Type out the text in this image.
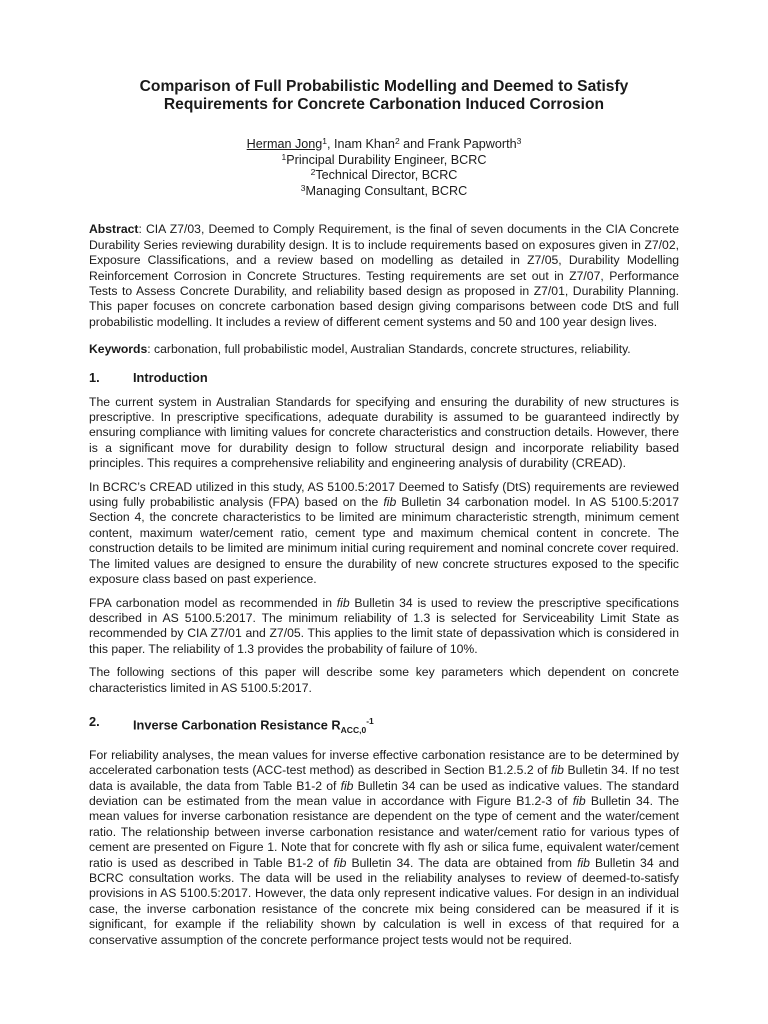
Comparison of Full Probabilistic Modelling and Deemed to Satisfy Requirements for Concrete Carbonation Induced Corrosion
Herman Jong$^1$, Inam Khan$^2$ and Frank Papworth$^3$
$^1$Principal Durability Engineer, BCRC
$^2$Technical Director, BCRC
$^3$Managing Consultant, BCRC

Abstract: CIA Z7/03, Deemed to Comply Requirement, is the final of seven documents in the CIA Concrete Durability Series reviewing durability design. It is to include requirements based on exposures given in Z7/02, Exposure Classifications, and a review based on modelling as detailed in Z7/05, Durability Modelling Reinforcement Corrosion in Concrete Structures. Testing requirements are set out in Z7/07, Performance Tests to Assess Concrete Durability, and reliability based design as proposed in Z7/01, Durability Planning. This paper focuses on concrete carbonation based design giving comparisons between code DtS and full probabilistic modelling. It includes a review of different cement systems and 50 and 100 year design lives.

Keywords: carbonation, full probabilistic model, Australian Standards, concrete structures, reliability.

1.	Introduction

The current system in Australian Standards for specifying and ensuring the durability of new structures is prescriptive. In prescriptive specifications, adequate durability is assumed to be guaranteed indirectly by ensuring compliance with limiting values for concrete characteristics and construction details. However, there is a significant move for durability design to follow structural design and incorporate reliability based principles. This requires a comprehensive reliability and engineering analysis of durability (CREAD).

In BCRC’s CREAD utilized in this study, AS 5100.5:2017 Deemed to Satisfy (DtS) requirements are reviewed using fully probabilistic analysis (FPA) based on the fib Bulletin 34 carbonation model. In AS 5100.5:2017 Section 4, the concrete characteristics to be limited are minimum characteristic strength, minimum cement content, maximum water/cement ratio, cement type and maximum chemical content in concrete. The construction details to be limited are minimum initial curing requirement and nominal concrete cover required. The limited values are designed to ensure the durability of new concrete structures exposed to the specific exposure class based on past experience.

FPA carbonation model as recommended in fib Bulletin 34 is used to review the prescriptive specifications described in AS 5100.5:2017. The minimum reliability of 1.3 is selected for Serviceability Limit State as recommended by CIA Z7/01 and Z7/05. This applies to the limit state of depassivation which is considered in this paper. The reliability of 1.3 provides the probability of failure of 10%.

The following sections of this paper will describe some key parameters which dependent on concrete characteristics limited in AS 5100.5:2017.

2.	Inverse Carbonation Resistance $R_{ACC,0}^{-1}$

For reliability analyses, the mean values for inverse effective carbonation resistance are to be determined by accelerated carbonation tests (ACC-test method) as described in Section B1.2.5.2 of fib Bulletin 34. If no test data is available, the data from Table B1-2 of fib Bulletin 34 can be used as indicative values. The standard deviation can be estimated from the mean value in accordance with Figure B1.2-3 of fib Bulletin 34. The mean values for inverse carbonation resistance are dependent on the type of cement and the water/cement ratio. The relationship between inverse carbonation resistance and water/cement ratio for various types of cement are presented on Figure 1. Note that for concrete with fly ash or silica fume, equivalent water/cement ratio is used as described in Table B1-2 of fib Bulletin 34. The data are obtained from fib Bulletin 34 and BCRC consultation works. The data will be used in the reliability analyses to review of deemed-to-satisfy provisions in AS 5100.5:2017. However, the data only represent indicative values. For design in an individual case, the inverse carbonation resistance of the concrete mix being considered can be measured if it is significant, for example if the reliability shown by calculation is well in excess of that required for a conservative assumption of the concrete performance project tests would not be required.
